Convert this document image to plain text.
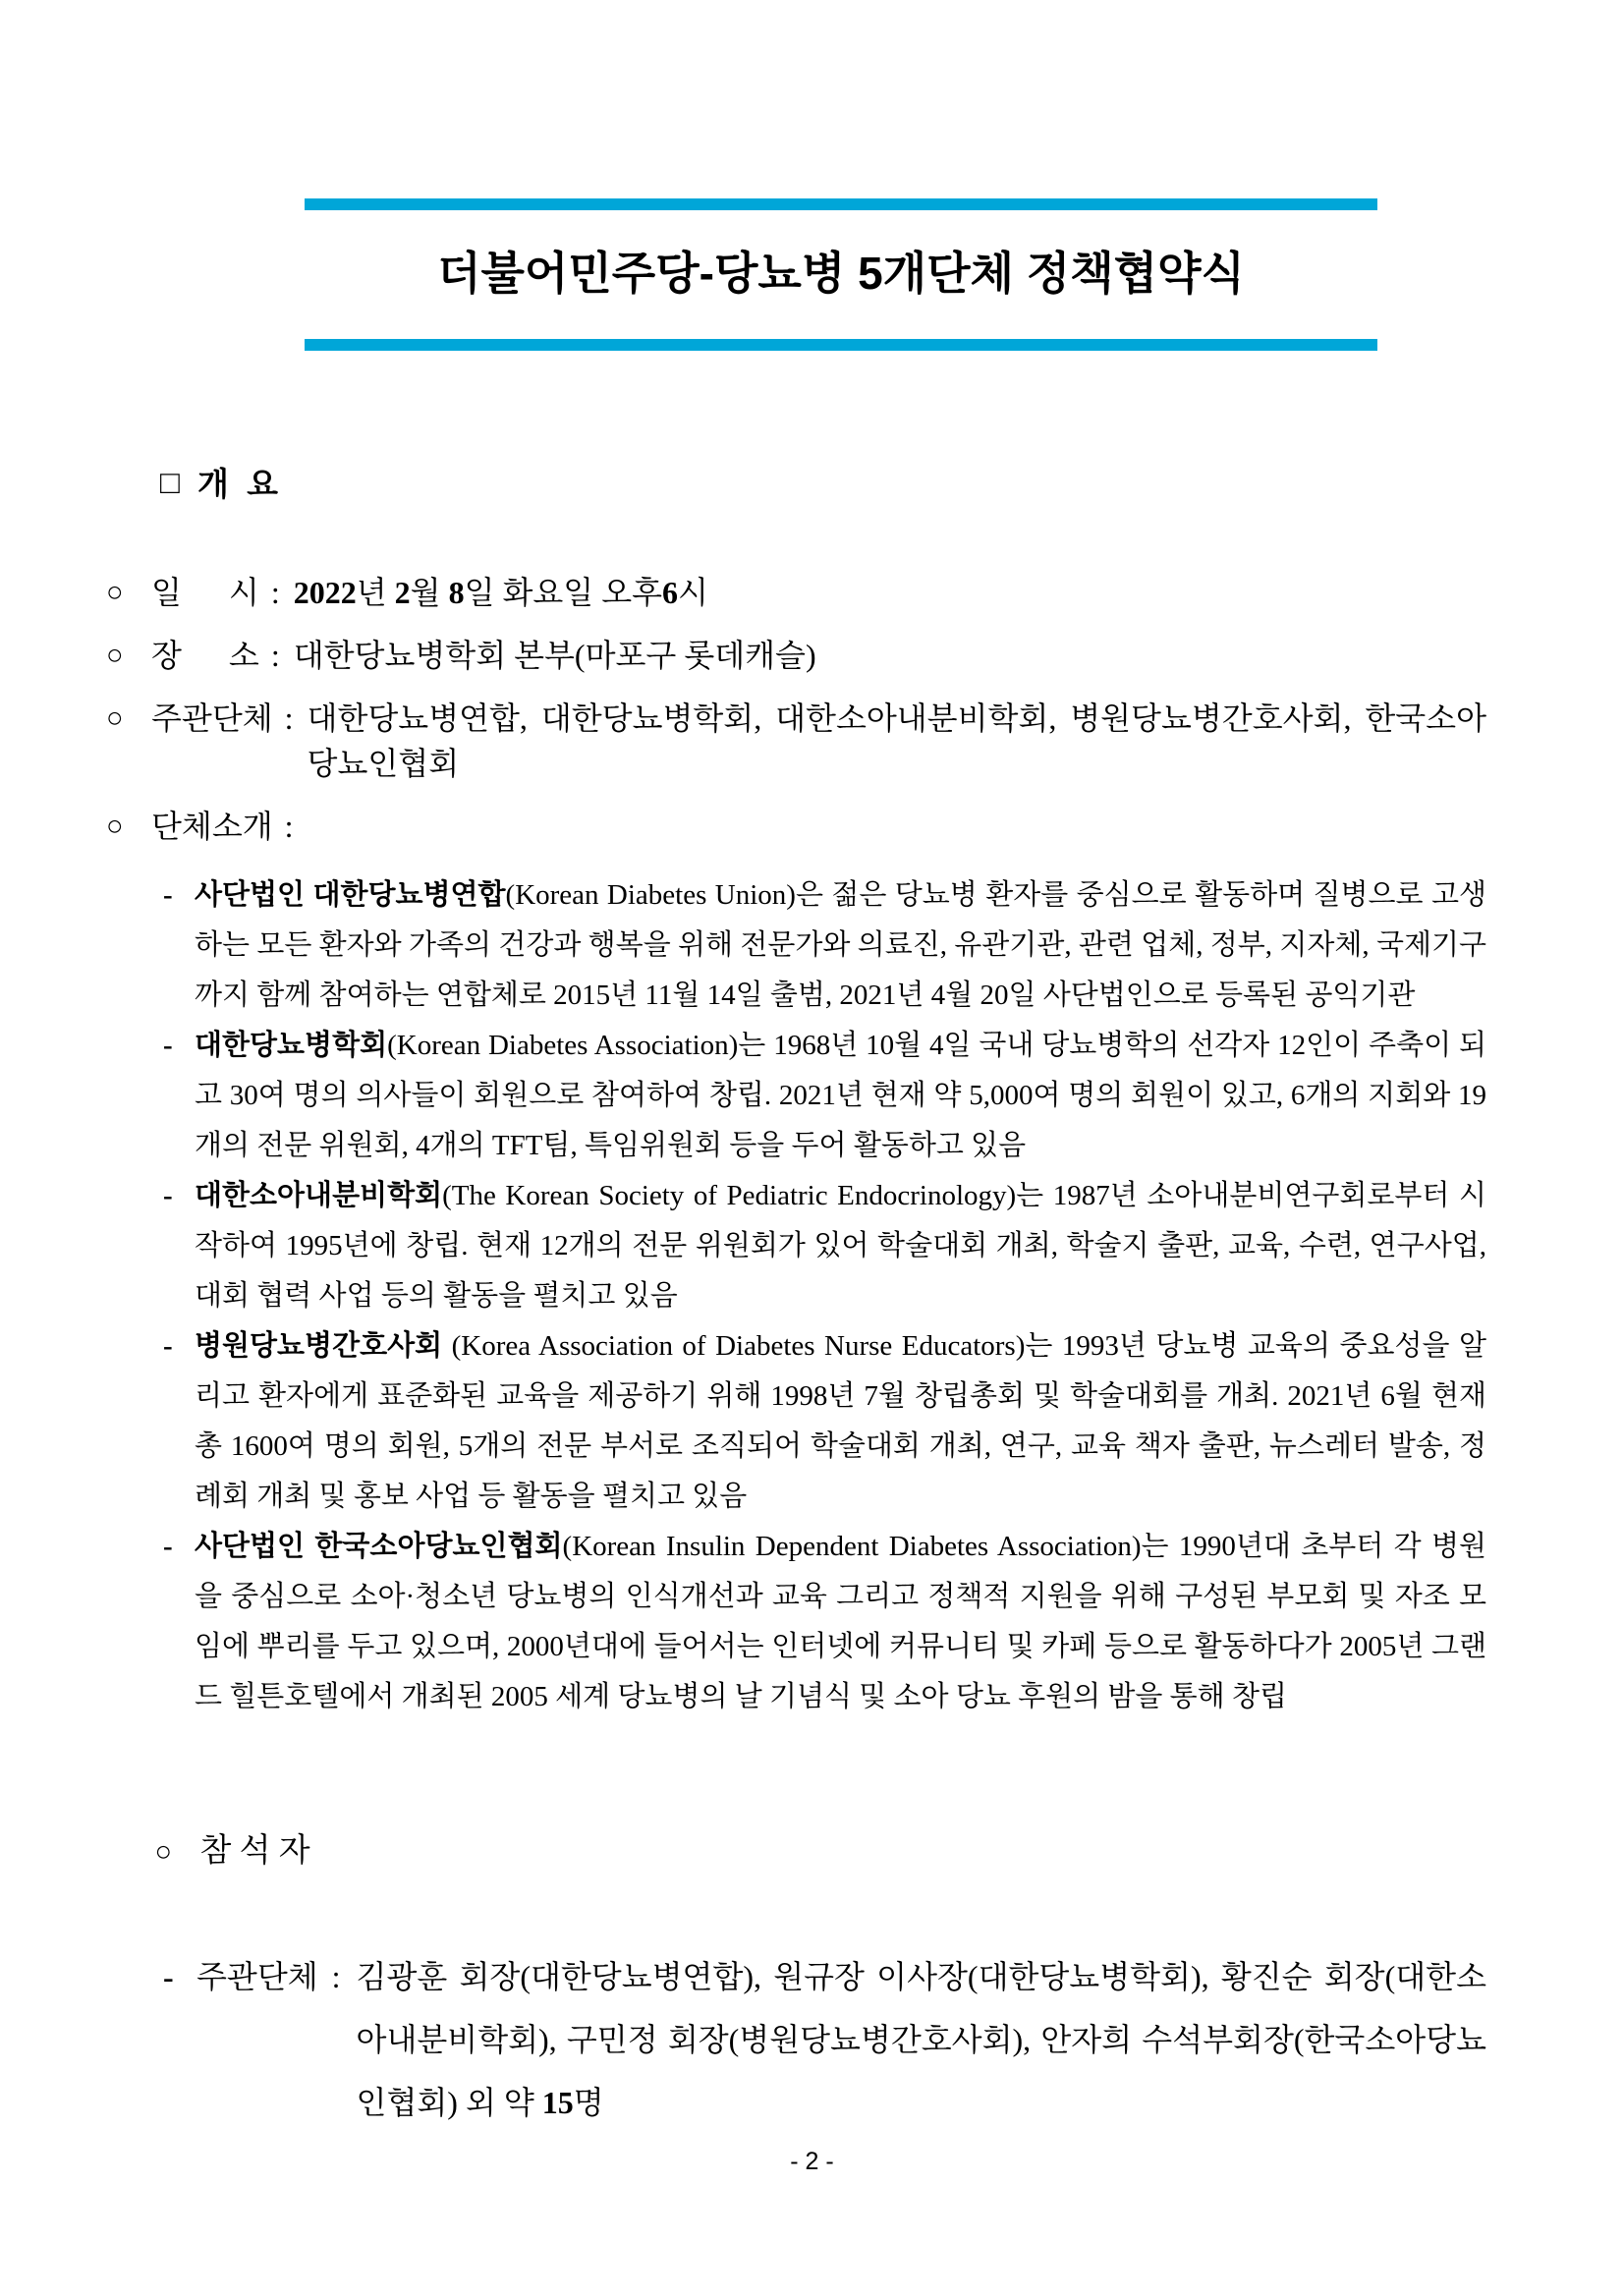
더불어민주당-당뇨병 5개단체 정책협약식

□ 개  요

○ 일      시 : 2022년 2월 8일 화요일 오후6시
○ 장      소 : 대한당뇨병학회 본부(마포구 롯데캐슬)
○ 주관단체 : 대한당뇨병연합, 대한당뇨병학회, 대한소아내분비학회, 병원당뇨병간호사회, 한국소아당뇨인협회
○ 단체소개 :
- 사단법인 대한당뇨병연합(Korean Diabetes Union)은 젊은 당뇨병 환자를 중심으로 활동하며 질병으로 고생하는 모든 환자와 가족의 건강과 행복을 위해 전문가와 의료진, 유관기관, 관련 업체, 정부, 지자체, 국제기구까지 함께 참여하는 연합체로 2015년 11월 14일 출범, 2021년 4월 20일 사단법인으로 등록된 공익기관
- 대한당뇨병학회(Korean Diabetes Association)는 1968년 10월 4일 국내 당뇨병학의 선각자 12인이 주축이 되고 30여 명의 의사들이 회원으로 참여하여 창립. 2021년 현재 약 5,000여 명의 회원이 있고, 6개의 지회와 19개의 전문 위원회, 4개의 TFT팀, 특임위원회 등을 두어 활동하고 있음
- 대한소아내분비학회(The Korean Society of Pediatric Endocrinology)는 1987년 소아내분비연구회로부터 시작하여 1995년에 창립. 현재 12개의 전문 위원회가 있어 학술대회 개최, 학술지 출판, 교육, 수련, 연구사업, 대회 협력 사업 등의 활동을 펼치고 있음
- 병원당뇨병간호사회 (Korea Association of Diabetes Nurse Educators)는 1993년 당뇨병 교육의 중요성을 알리고 환자에게 표준화된 교육을 제공하기 위해 1998년 7월 창립총회 및 학술대회를 개최. 2021년 6월 현재 총 1600여 명의 회원, 5개의 전문 부서로 조직되어 학술대회 개최, 연구, 교육 책자 출판, 뉴스레터 발송, 정례회 개최 및 홍보 사업 등 활동을 펼치고 있음
- 사단법인 한국소아당뇨인협회(Korean Insulin Dependent Diabetes Association)는 1990년대 초부터 각 병원을 중심으로 소아·청소년 당뇨병의 인식개선과 교육 그리고 정책적 지원을 위해 구성된 부모회 및 자조 모임에 뿌리를 두고 있으며, 2000년대에 들어서는 인터넷에 커뮤니티 및 카페 등으로 활동하다가 2005년 그랜드 힐튼호텔에서 개최된 2005 세계 당뇨병의 날 기념식 및 소아 당뇨 후원의 밤을 통해 창립

○ 참 석 자

- 주관단체 : 김광훈 회장(대한당뇨병연합), 원규장 이사장(대한당뇨병학회), 황진순 회장(대한소아내분비학회), 구민정 회장(병원당뇨병간호사회), 안자희 수석부회장(한국소아당뇨인협회) 외 약 15명
- 2 -
